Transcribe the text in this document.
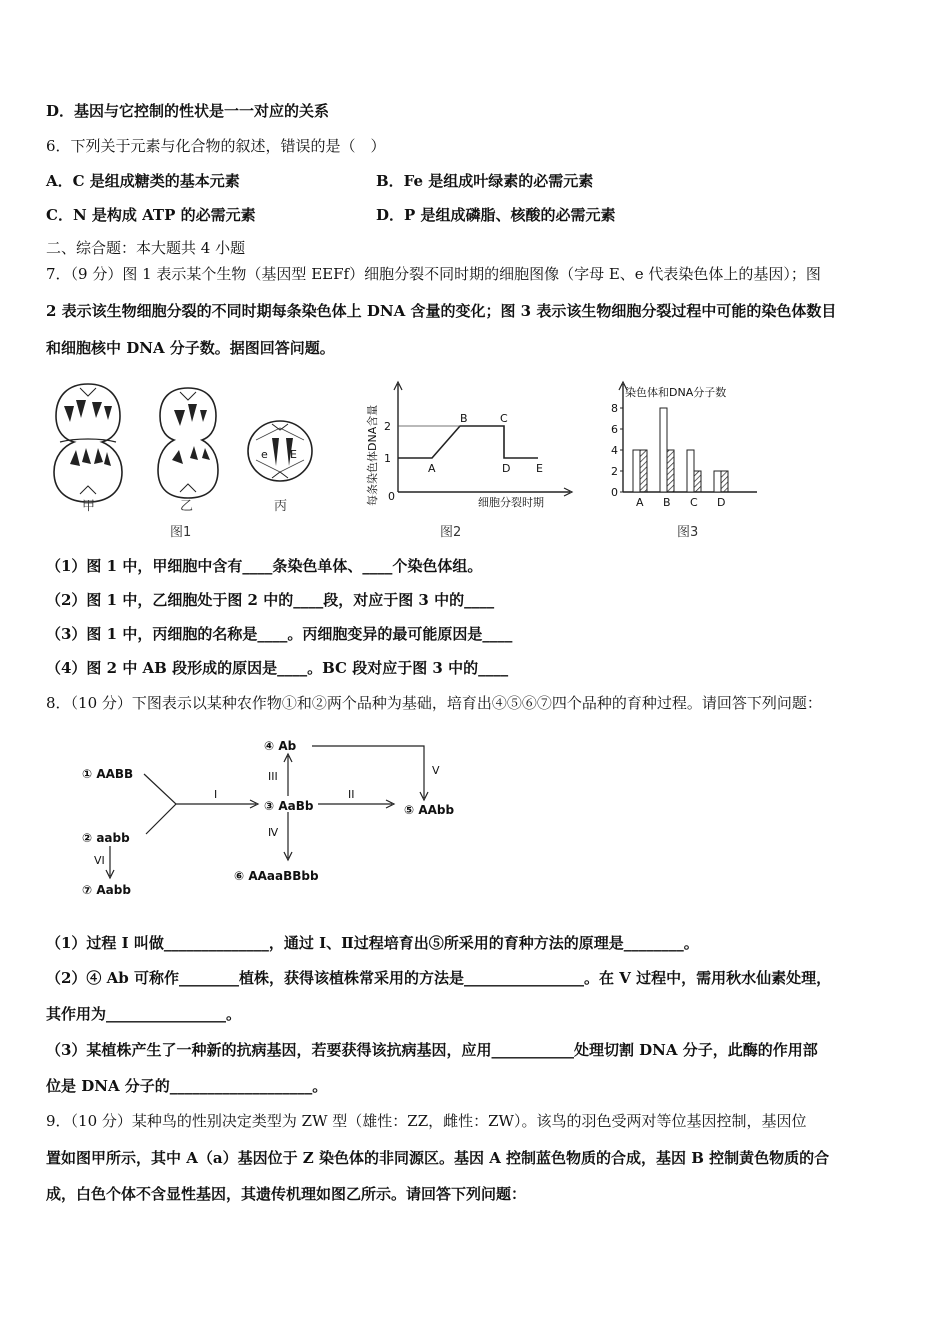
D．基因与它控制的性状是一一对应的关系
6．下列关于元素与化合物的叙述，错误的是（　）
A．C 是组成糖类的基本元素	B．Fe 是组成叶绿素的必需元素
C．N 是构成 ATP 的必需元素	D．P 是组成磷脂、核酸的必需元素
二、综合题：本大题共 4 小题
7．（9 分）图 1 表示某个生物（基因型 EEFf）细胞分裂不同时期的细胞图像（字母 E、e 代表染色体上的基因）；图
2 表示该生物细胞分裂的不同时期每条染色体上 DNA 含量的变化；图 3 表示该生物细胞分裂过程中可能的染色体数目
和细胞核中 DNA 分子数。据图回答问题。
甲	乙
e E
丙
图1
2
1
0
A
B	C
D E
每条染色体DNA含量	细胞分裂时期
图2
染色体和DNA分子数
0
2
4
6
8
A B C D
图3
（1）图 1 中，甲细胞中含有____条染色单体、____个染色体组。
（2）图 1 中，乙细胞处于图 2 中的____段，对应于图 3 中的____
（3）图 1 中，丙细胞的名称是____。丙细胞变异的最可能原因是____
（4）图 2 中 AB 段形成的原因是____。BC 段对应于图 3 中的____
8．（10 分）下图表示以某种农作物①和②两个品种为基础，培育出④⑤⑥⑦四个品种的育种过程。请回答下列问题：
① AABB
② aabb
③ AaBb
④ Ab
⑤ AAbb
⑥ AAaaBBbb
⑦ Aabb
I	II
III
Ⅳ
V
VI
（1）过程 I 叫做______________，通过 I、Ⅱ过程培育出⑤所采用的育种方法的原理是________。
（2）④ Ab 可称作________植株，获得该植株常采用的方法是________________。在 V 过程中，需用秋水仙素处理，
其作用为________________。
（3）某植株产生了一种新的抗病基因，若要获得该抗病基因，应用___________处理切割 DNA 分子，此酶的作用部
位是 DNA 分子的___________________。
9．（10 分）某种鸟的性别决定类型为 ZW 型（雄性：ZZ，雌性：ZW）。该鸟的羽色受两对等位基因控制，基因位
置如图甲所示，其中 A（a）基因位于 Z 染色体的非同源区。基因 A 控制蓝色物质的合成，基因 B 控制黄色物质的合
成，白色个体不含显性基因，其遗传机理如图乙所示。请回答下列问题：
